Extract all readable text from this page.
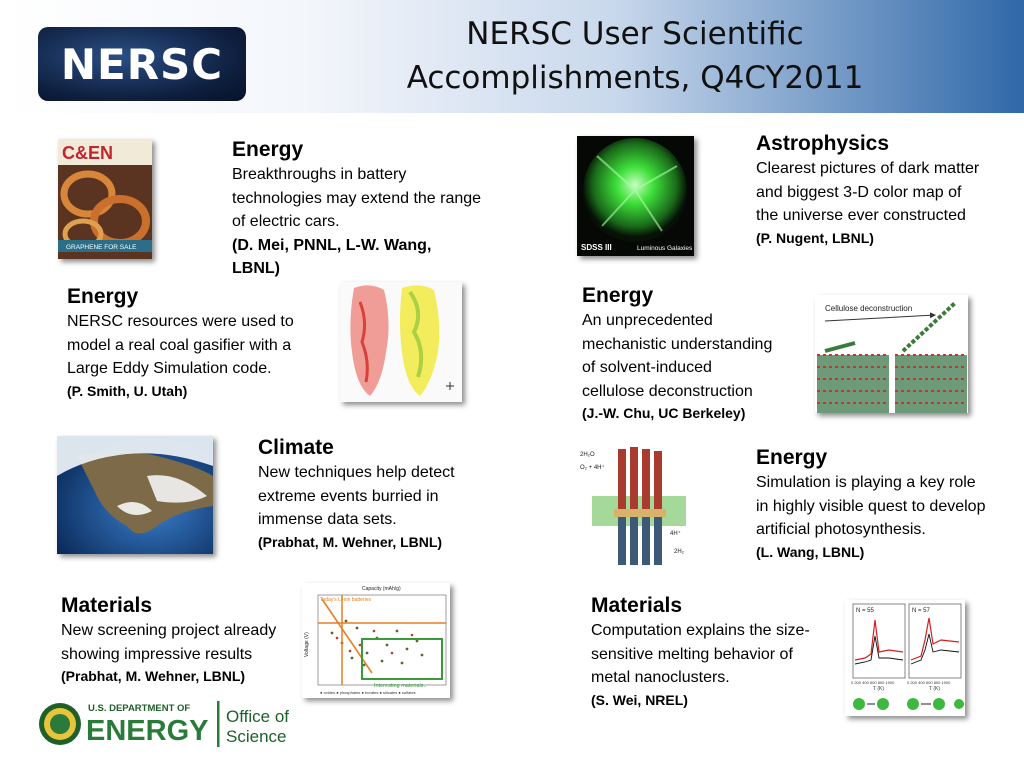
NERSC
NERSC User Scientific
Accomplishments, Q4CY2011
C&EN
GRAPHENE FOR SALE
Energy
Breakthroughs in battery
technologies may extend the range
of electric cars.
(D. Mei, PNNL, L-W. Wang,
LBNL)
SDSS III	Luminous Galaxies
Astrophysics
Clearest pictures of dark matter
and biggest 3-D color map of
the universe ever constructed
(P. Nugent, LBNL)
Energy
NERSC resources were used to
model a real coal gasifier with a
Large Eddy Simulation code.
(P. Smith, U. Utah)
Energy
An unprecedented
mechanistic understanding
of solvent-induced
cellulose deconstruction
(J.-W. Chu, UC Berkeley)
Cellulose deconstruction
Climate
New techniques help detect
extreme events burried in
immense data sets.
(Prabhat, M. Wehner, LBNL)
2H₂O
O₂ + 4H⁺
4H⁺
2H₂
Energy
Simulation is playing a key role
in highly visible quest to develop
artificial photosynthesis.
(L. Wang, LBNL)
Materials
New screening project already
showing impressive results
(Prabhat, M. Wehner, LBNL)
Capacity (mAh/g)
Voltage (V)
Today's Li-ion batteries
Interesting materials..
● oxides ● phosphates ● borates ● silicates ● sulfates
Materials
Computation explains the size-
sensitive melting behavior of
metal nanoclusters.
(S. Wei, NREL)
N = 55	N = 57
0 200 400 600 800 1000	0 200 400 600 800 1000
T (K)	T (K)
U.S. DEPARTMENT OF
ENERGY Office of
Science
